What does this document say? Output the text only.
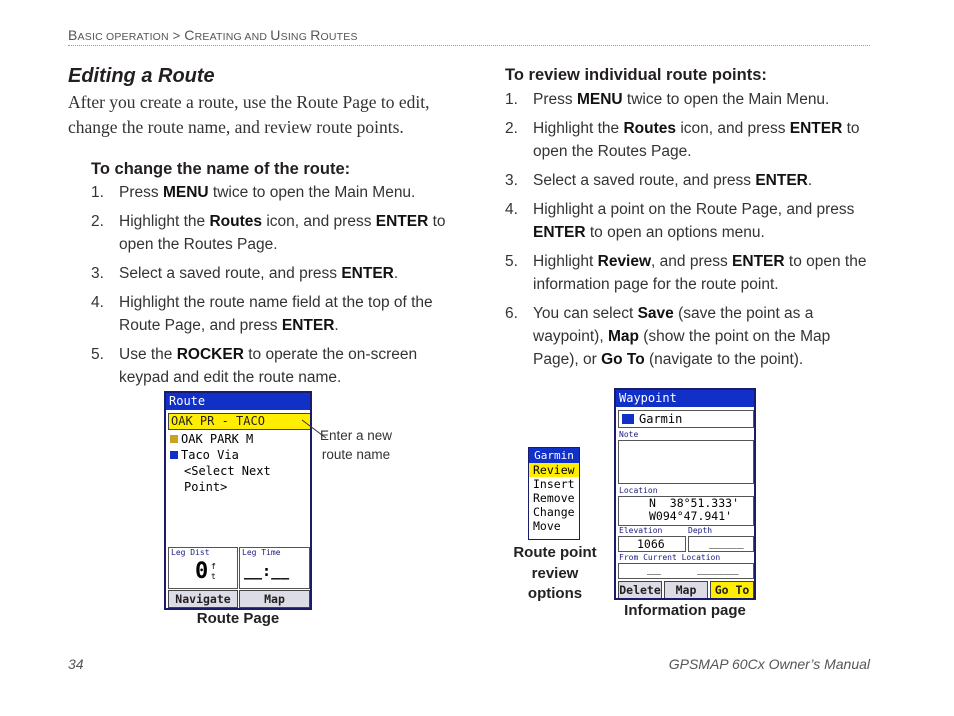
BASIC OPERATION > CREATING AND USING ROUTES
Editing a Route
After you create a route, use the Route Page to edit, change the route name, and review route points.
To change the name of the route:
1. Press MENU twice to open the Main Menu.
2. Highlight the Routes icon, and press ENTER to open the Routes Page.
3. Select a saved route, and press ENTER.
4. Highlight the route name field at the top of the Route Page, and press ENTER.
5. Use the ROCKER to operate the on-screen keypad and edit the route name.
To review individual route points:
1. Press MENU twice to open the Main Menu.
2. Highlight the Routes icon, and press ENTER to open the Routes Page.
3. Select a saved route, and press ENTER.
4. Highlight a point on the Route Page, and press ENTER to open an options menu.
5. Highlight Review, and press ENTER to open the information page for the route point.
6. You can select Save (save the point as a waypoint), Map (show the point on the Map Page), or Go To (navigate to the point).
Route
OAK PR - TACO
OAK PARK M
Taco Via
<Select Next Point>
Leg Dist
0 f
t
Leg Time
__:__
Navigate	Map
Enter a new route name
Route Page
Garmin
Review
Insert
Remove
Change
Move
Route point review options
Waypoint
Garmin
Note
Location
N  38°51.333'
W094°47.941'
Elevation	Depth
1066	_____
From Current Location
__	______
Delete	Map	Go To
Information page
34	GPSMAP 60Cx Owner’s Manual
